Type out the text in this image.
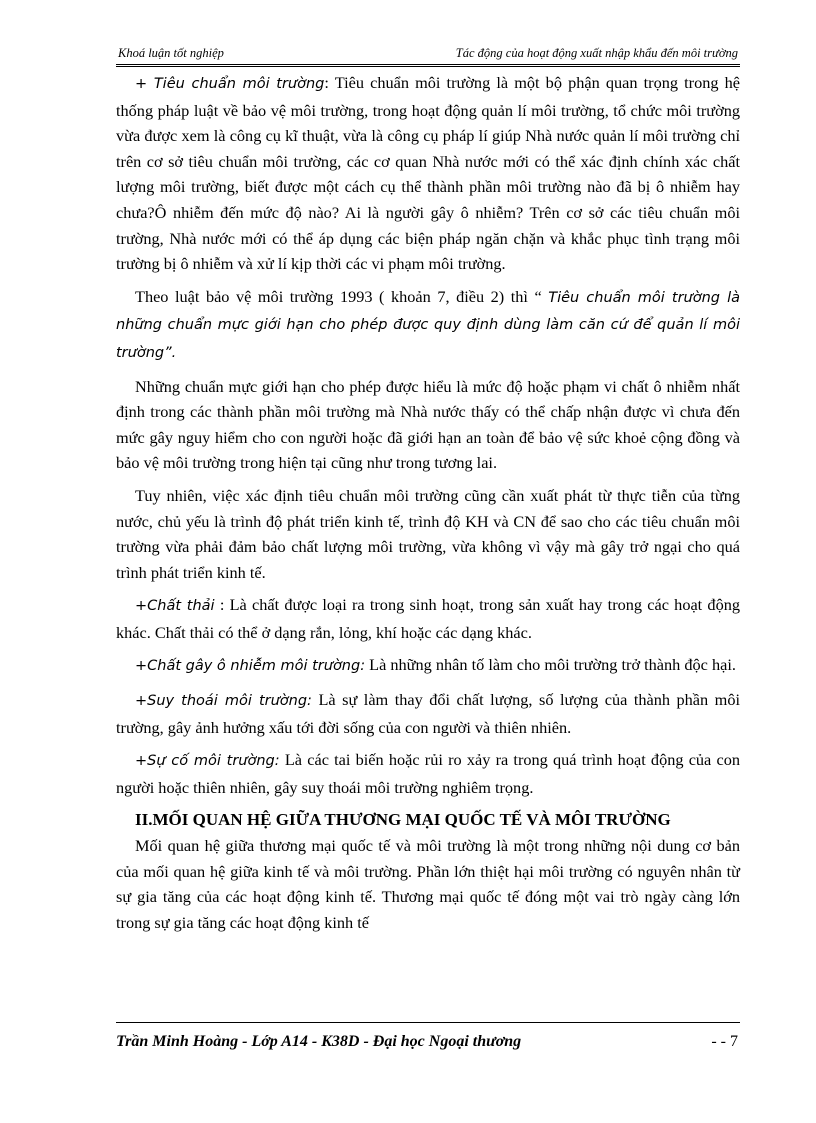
Khoá luận tốt nghiệp	Tác động của hoạt động xuất nhập khẩu đến môi trường

+ Tiêu chuẩn môi trường: Tiêu chuẩn môi trường là một bộ phận quan trọng trong hệ thống pháp luật về bảo vệ môi trường, trong hoạt động quản lí môi trường, tổ chức môi trường vừa được xem là công cụ kĩ thuật, vừa là công cụ pháp lí giúp Nhà nước quản lí môi trường chỉ trên cơ sở tiêu chuẩn môi trường, các cơ quan Nhà nước mới có thể xác định chính xác chất lượng môi trường, biết được một cách cụ thể thành phần môi trường nào đã bị ô nhiễm hay chưa?Ô nhiễm đến mức độ nào? Ai là người gây ô nhiễm? Trên cơ sở các tiêu chuẩn môi trường, Nhà nước mới có thể áp dụng các biện pháp ngăn chặn và khắc phục tình trạng môi trường bị ô nhiễm và xử lí kịp thời các vi phạm môi trường.

Theo luật bảo vệ môi trường 1993 ( khoản 7, điều 2) thì “ Tiêu chuẩn môi trường là những chuẩn mực giới hạn cho phép được quy định dùng làm căn cứ để quản lí môi trường”.

Những chuẩn mực giới hạn cho phép được hiểu là mức độ hoặc phạm vi chất ô nhiễm nhất định trong các thành phần môi trường mà Nhà nước thấy có thể chấp nhận được vì chưa đến mức gây nguy hiểm cho con người hoặc đã giới hạn an toàn để bảo vệ sức khoẻ cộng đồng và bảo vệ môi trường trong hiện tại cũng như trong tương lai.

Tuy nhiên, việc xác định tiêu chuẩn môi trường cũng cần xuất phát từ thực tiễn của từng nước, chủ yếu là trình độ phát triển kinh tế, trình độ KH và CN để sao cho các tiêu chuẩn môi trường vừa phải đảm bảo chất lượng môi trường, vừa không vì vậy mà gây trở ngại cho quá trình phát triển kinh tế.

+Chất thải : Là chất được loại ra trong sinh hoạt, trong sản xuất hay trong các hoạt động khác. Chất thải có thể ở dạng rắn, lỏng, khí hoặc các dạng khác.

+Chất gây ô nhiễm môi trường: Là những nhân tố làm cho môi trường trở thành độc hại.

+Suy thoái môi trường: Là sự làm thay đổi chất lượng, số lượng của thành phần môi trường, gây ảnh hưởng xấu tới đời sống của con người và thiên nhiên.

+Sự cố môi trường: Là các tai biến hoặc rủi ro xảy ra trong quá trình hoạt động của con người hoặc thiên nhiên, gây suy thoái môi trường nghiêm trọng.

II.MỐI QUAN HỆ GIỮA THƯƠNG MẠI QUỐC TẾ VÀ MÔI TRƯỜNG

Mối quan hệ giữa thương mại quốc tế và môi trường là một trong những nội dung cơ bản của mối quan hệ giữa kinh tế và môi trường. Phần lớn thiệt hại môi trường có nguyên nhân từ sự gia tăng của các hoạt động kinh tế. Thương mại quốc tế đóng một vai trò ngày càng lớn trong sự gia tăng các hoạt động kinh tế

Trần Minh Hoàng - Lớp A14 - K38D - Đại học Ngoại thương	- - 7
